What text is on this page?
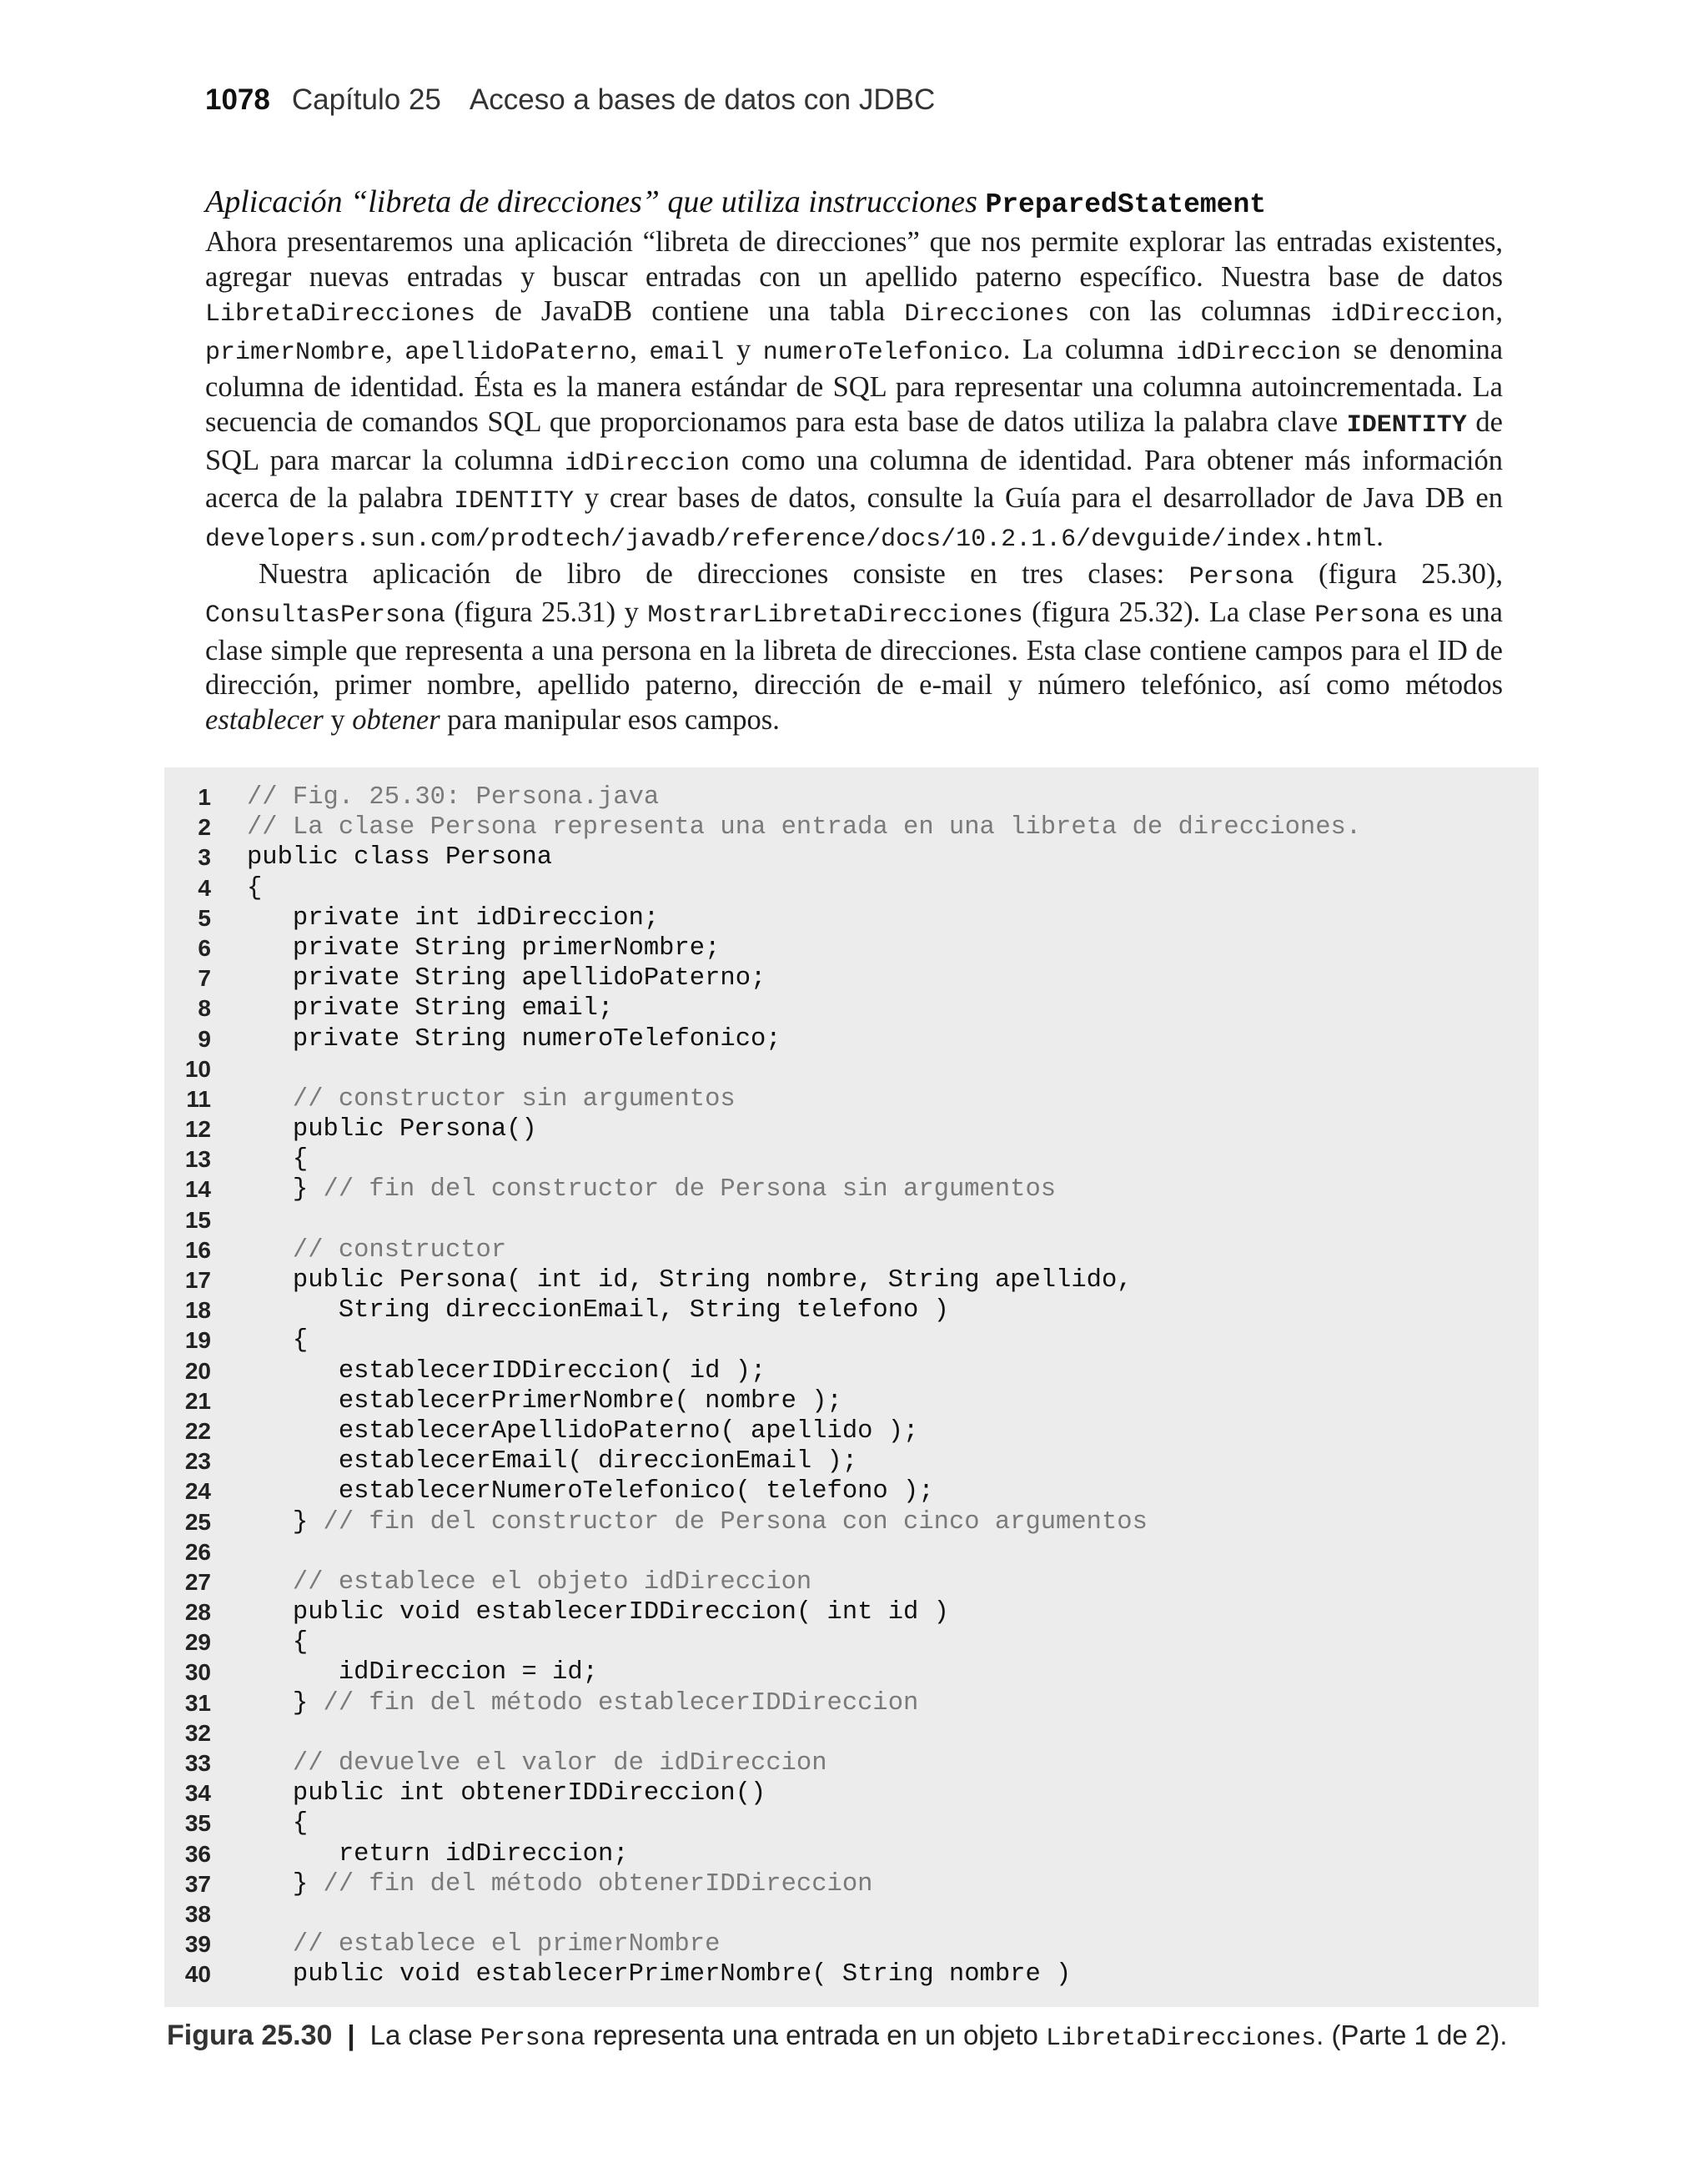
1078 Capítulo 25 Acceso a bases de datos con JDBC
Aplicación “libreta de direcciones” que utiliza instrucciones PreparedStatement

Ahora presentaremos una aplicación “libreta de direcciones” que nos permite explorar las entradas existentes, agregar nuevas entradas y buscar entradas con un apellido paterno específico. Nuestra base de datos LibretaDirecciones de JavaDB contiene una tabla Direcciones con las columnas idDireccion, primerNombre, apellidoPaterno, email y numeroTelefonico. La columna idDireccion se denomina columna de identidad. Ésta es la manera estándar de SQL para representar una columna autoincrementada. La secuencia de comandos SQL que proporcionamos para esta base de datos utiliza la palabra clave IDENTITY de SQL para marcar la columna idDireccion como una columna de identidad. Para obtener más información acerca de la palabra IDENTITY y crear bases de datos, consulte la Guía para el desarrollador de Java DB en developers.sun.com/prodtech/javadb/reference/docs/10.2.1.6/devguide/index.html.

Nuestra aplicación de libro de direcciones consiste en tres clases: Persona (figura 25.30), ConsultasPersona (figura 25.31) y MostrarLibretaDirecciones (figura 25.32). La clase Persona es una clase simple que representa a una persona en la libreta de direcciones. Esta clase contiene campos para el ID de dirección, primer nombre, apellido paterno, dirección de e-mail y número telefónico, así como métodos establecer y obtener para manipular esos campos.

1 // Fig. 25.30: Persona.java
2 // La clase Persona representa una entrada en una libreta de direcciones.
3 public class Persona
4 {
5 private int idDireccion;
6 private String primerNombre;
7 private String apellidoPaterno;
8 private String email;
9 private String numeroTelefonico;
10
11	// constructor sin argumentos
12 public Persona()
13 {
14 } // fin del constructor de Persona sin argumentos
15
16	// constructor
17 public Persona( int id, String nombre, String apellido,
18 String direccionEmail, String telefono )
19 {
20 establecerIDDireccion( id );
21 establecerPrimerNombre( nombre );
22 establecerApellidoPaterno( apellido );
23 establecerEmail( direccionEmail );
24 establecerNumeroTelefonico( telefono );
25 } // fin del constructor de Persona con cinco argumentos
26
27	// establece el objeto idDireccion
28 public void establecerIDDireccion( int id )
29 {
30 idDireccion = id;
31 } // fin del método establecerIDDireccion
32
33	// devuelve el valor de idDireccion
34 public int obtenerIDDireccion()
35 {
36 return idDireccion;
37 } // fin del método obtenerIDDireccion
38
39	// establece el primerNombre
40 public void establecerPrimerNombre( String nombre )
Figura 25.30 | La clase Persona representa una entrada en un objeto LibretaDirecciones. (Parte 1 de 2).
